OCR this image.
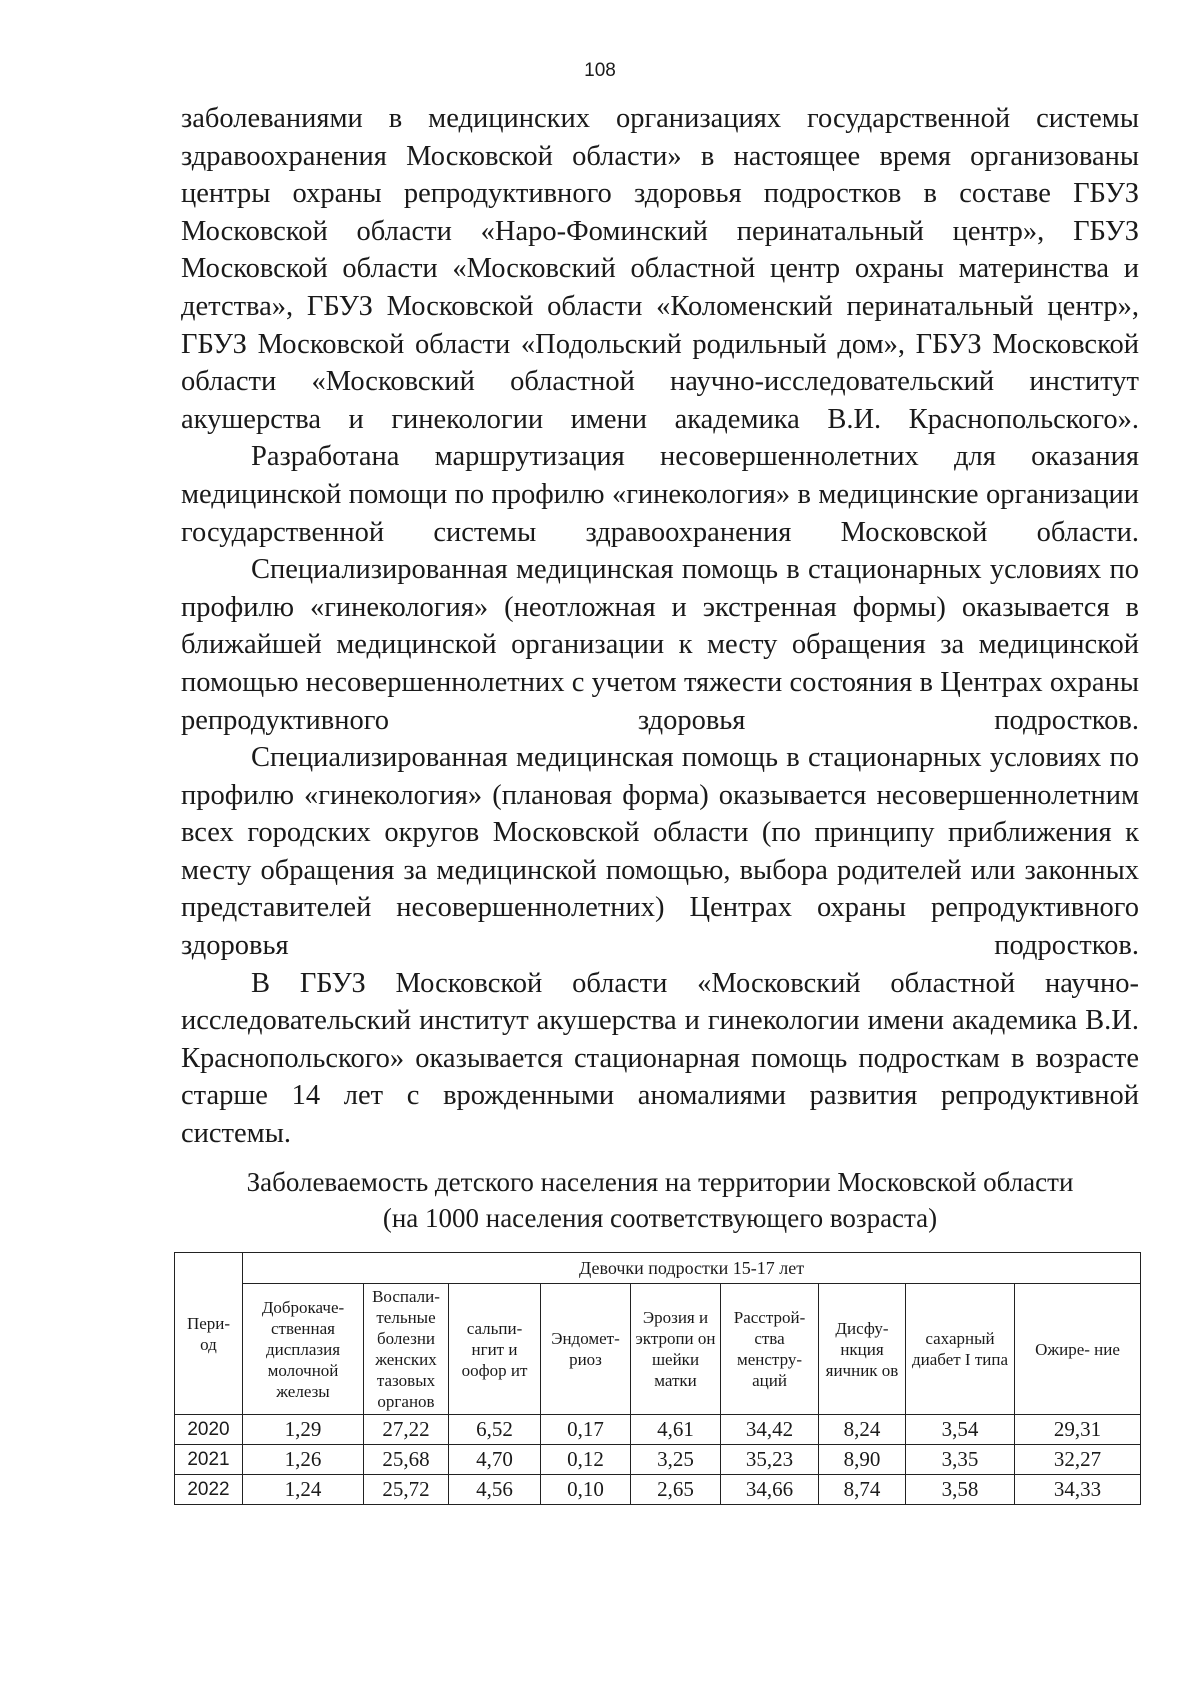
108

заболеваниями в медицинских организациях государственной системы здравоохранения Московской области» в настоящее время организованы центры охраны репродуктивного здоровья подростков в составе ГБУЗ Московской области «Наро-Фоминский перинатальный центр», ГБУЗ Московской области «Московский областной центр охраны материнства и детства», ГБУЗ Московской области «Коломенский перинатальный центр», ГБУЗ Московской области «Подольский родильный дом», ГБУЗ Московской области «Московский областной научно-исследовательский институт акушерства и гинекологии имени академика В.И. Краснопольского».

Разработана маршрутизация несовершеннолетних для оказания медицинской помощи по профилю «гинекология» в медицинские организации государственной системы здравоохранения Московской области.

Специализированная медицинская помощь в стационарных условиях по профилю «гинекология» (неотложная и экстренная формы) оказывается в ближайшей медицинской организации к месту обращения за медицинской помощью несовершеннолетних с учетом тяжести состояния в Центрах охраны репродуктивного здоровья подростков.

Специализированная медицинская помощь в стационарных условиях по профилю «гинекология» (плановая форма) оказывается несовершеннолетним всех городских округов Московской области (по принципу приближения к месту обращения за медицинской помощью, выбора родителей или законных представителей несовершеннолетних) Центрах охраны репродуктивного здоровья подростков.

В ГБУЗ Московской области «Московский областной научно-исследовательский институт акушерства и гинекологии имени академика В.И. Краснопольского» оказывается стационарная помощь подросткам в возрасте старше 14 лет с врожденными аномалиями развития репродуктивной системы.

Заболеваемость детского населения на территории Московской области
(на 1000 населения соответствующего возраста)
Пери- од	Девочки подростки 15-17 лет								
	Доброкаче- ственная дисплазия молочной железы	Воспали- тельные болезни женских тазовых органов	сальпи- нгит и оофор ит	Эндомет- риоз	Эрозия и эктропи он шейки матки	Расстрой- ства менстру- аций	Дисфу- нкция яичник ов	сахарный диабет I типа	Ожире- ние
2020	1,29	27,22	6,52	0,17	4,61	34,42	8,24	3,54	29,31
2021	1,26	25,68	4,70	0,12	3,25	35,23	8,90	3,35	32,27
2022	1,24	25,72	4,56	0,10	2,65	34,66	8,74	3,58	34,33
